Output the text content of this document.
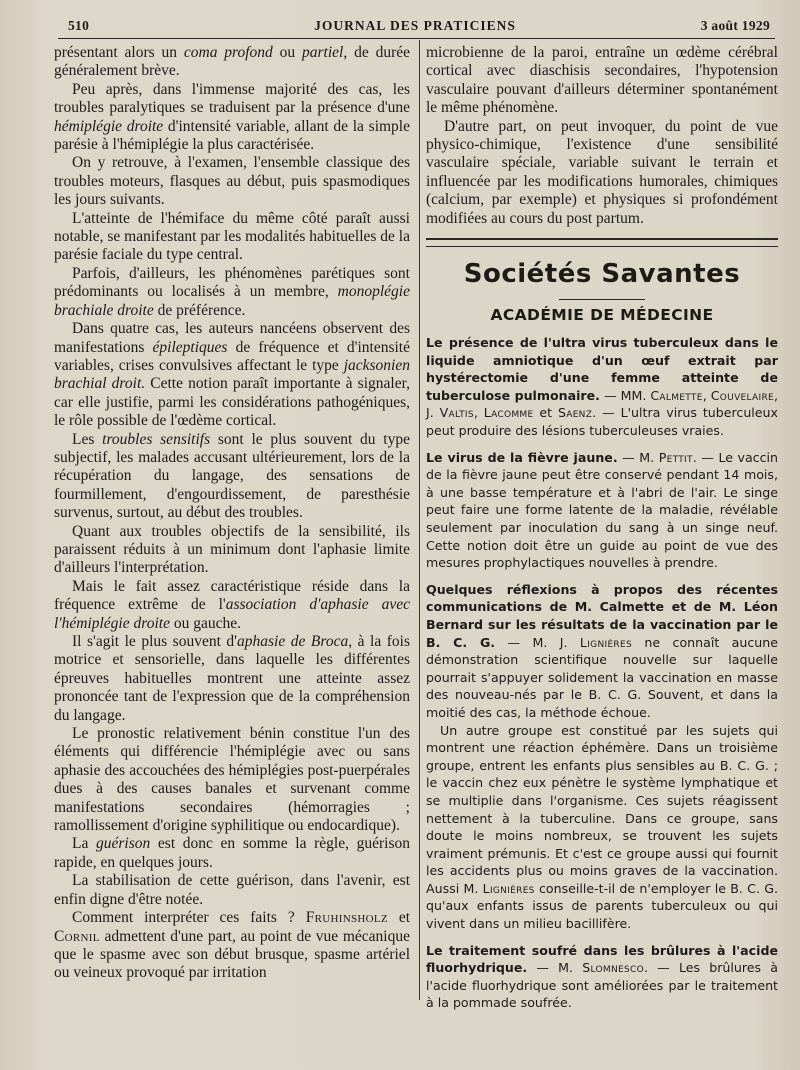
510	JOURNAL DES PRATICIENS	3 août 1929

présentant alors un coma profond ou partiel, de durée généralement brève.

Peu après, dans l'immense majorité des cas, les troubles paralytiques se traduisent par la présence d'une hémiplégie droite d'intensité variable, allant de la simple parésie à l'hémiplégie la plus caractérisée.

On y retrouve, à l'examen, l'ensemble classique des troubles moteurs, flasques au début, puis spasmodiques les jours suivants.

L'atteinte de l'hémiface du même côté paraît aussi notable, se manifestant par les modalités habituelles de la parésie faciale du type central.

Parfois, d'ailleurs, les phénomènes parétiques sont prédominants ou localisés à un membre, monoplégie brachiale droite de préférence.

Dans quatre cas, les auteurs nancéens observent des manifestations épileptiques de fréquence et d'intensité variables, crises convulsives affectant le type jacksonien brachial droit. Cette notion paraît importante à signaler, car elle justifie, parmi les considérations pathogéniques, le rôle possible de l'œdème cortical.

Les troubles sensitifs sont le plus souvent du type subjectif, les malades accusant ultérieurement, lors de la récupération du langage, des sensations de fourmillement, d'engourdissement, de paresthésie survenus, surtout, au début des troubles.

Quant aux troubles objectifs de la sensibilité, ils paraissent réduits à un minimum dont l'aphasie limite d'ailleurs l'interprétation.

Mais le fait assez caractéristique réside dans la fréquence extrême de l'association d'aphasie avec l'hémiplégie droite ou gauche.

Il s'agit le plus souvent d'aphasie de Broca, à la fois motrice et sensorielle, dans laquelle les différentes épreuves habituelles montrent une atteinte assez prononcée tant de l'expression que de la compréhension du langage.

Le pronostic relativement bénin constitue l'un des éléments qui différencie l'hémiplégie avec ou sans aphasie des accouchées des hémiplégies post-puerpérales dues à des causes banales et survenant comme manifestations secondaires (hémorragies ; ramollissement d'origine syphilitique ou endocardique).

La guérison est donc en somme la règle, guérison rapide, en quelques jours.

La stabilisation de cette guérison, dans l'avenir, est enfin digne d'être notée.

Comment interpréter ces faits ? Fruhinsholz et Cornil admettent d'une part, au point de vue mécanique que le spasme avec son début brusque, spasme artériel ou veineux provoqué par irritation

microbienne de la paroi, entraîne un œdème cérébral cortical avec diaschisis secondaires, l'hypotension vasculaire pouvant d'ailleurs déterminer spontanément le même phénomène.

D'autre part, on peut invoquer, du point de vue physico-chimique, l'existence d'une sensibilité vasculaire spéciale, variable suivant le terrain et influencée par les modifications humorales, chimiques (calcium, par exemple) et physiques si profondément modifiées au cours du post partum.

Sociétés Savantes
ACADÉMIE DE MÉDECINE
Le présence de l'ultra virus tuberculeux dans le liquide amniotique d'un œuf extrait par hystérectomie d'une femme atteinte de tuberculose pulmonaire. — MM. Calmette, Couvelaire, J. Valtis, Lacomme et Saenz. — L'ultra virus tuberculeux peut produire des lésions tuberculeuses vraies.
Le virus de la fièvre jaune. — M. Pettit. — Le vaccin de la fièvre jaune peut être conservé pendant 14 mois, à une basse température et à l'abri de l'air. Le singe peut faire une forme latente de la maladie, révélable seulement par inoculation du sang à un singe neuf. Cette notion doit être un guide au point de vue des mesures prophylactiques nouvelles à prendre.
Quelques réflexions à propos des récentes communications de M. Calmette et de M. Léon Bernard sur les résultats de la vaccination par le B. C. G. — M. J. Lignières ne connaît aucune démonstration scientifique nouvelle sur laquelle pourrait s'appuyer solidement la vaccination en masse des nouveau-nés par le B. C. G. Souvent, et dans la moitié des cas, la méthode échoue.

Un autre groupe est constitué par les sujets qui montrent une réaction éphémère. Dans un troisième groupe, entrent les enfants plus sensibles au B. C. G. ; le vaccin chez eux pénètre le système lymphatique et se multiplie dans l'organisme. Ces sujets réagissent nettement à la tuberculine. Dans ce groupe, sans doute le moins nombreux, se trouvent les sujets vraiment prémunis. Et c'est ce groupe aussi qui fournit les accidents plus ou moins graves de la vaccination. Aussi M. Lignières conseille-t-il de n'employer le B. C. G. qu'aux enfants issus de parents tuberculeux ou qui vivent dans un milieu bacillifère.

Le traitement soufré dans les brûlures à l'acide fluorhydrique. — M. Slomnesco. — Les brûlures à l'acide fluorhydrique sont améliorées par le traitement à la pommade soufrée.
